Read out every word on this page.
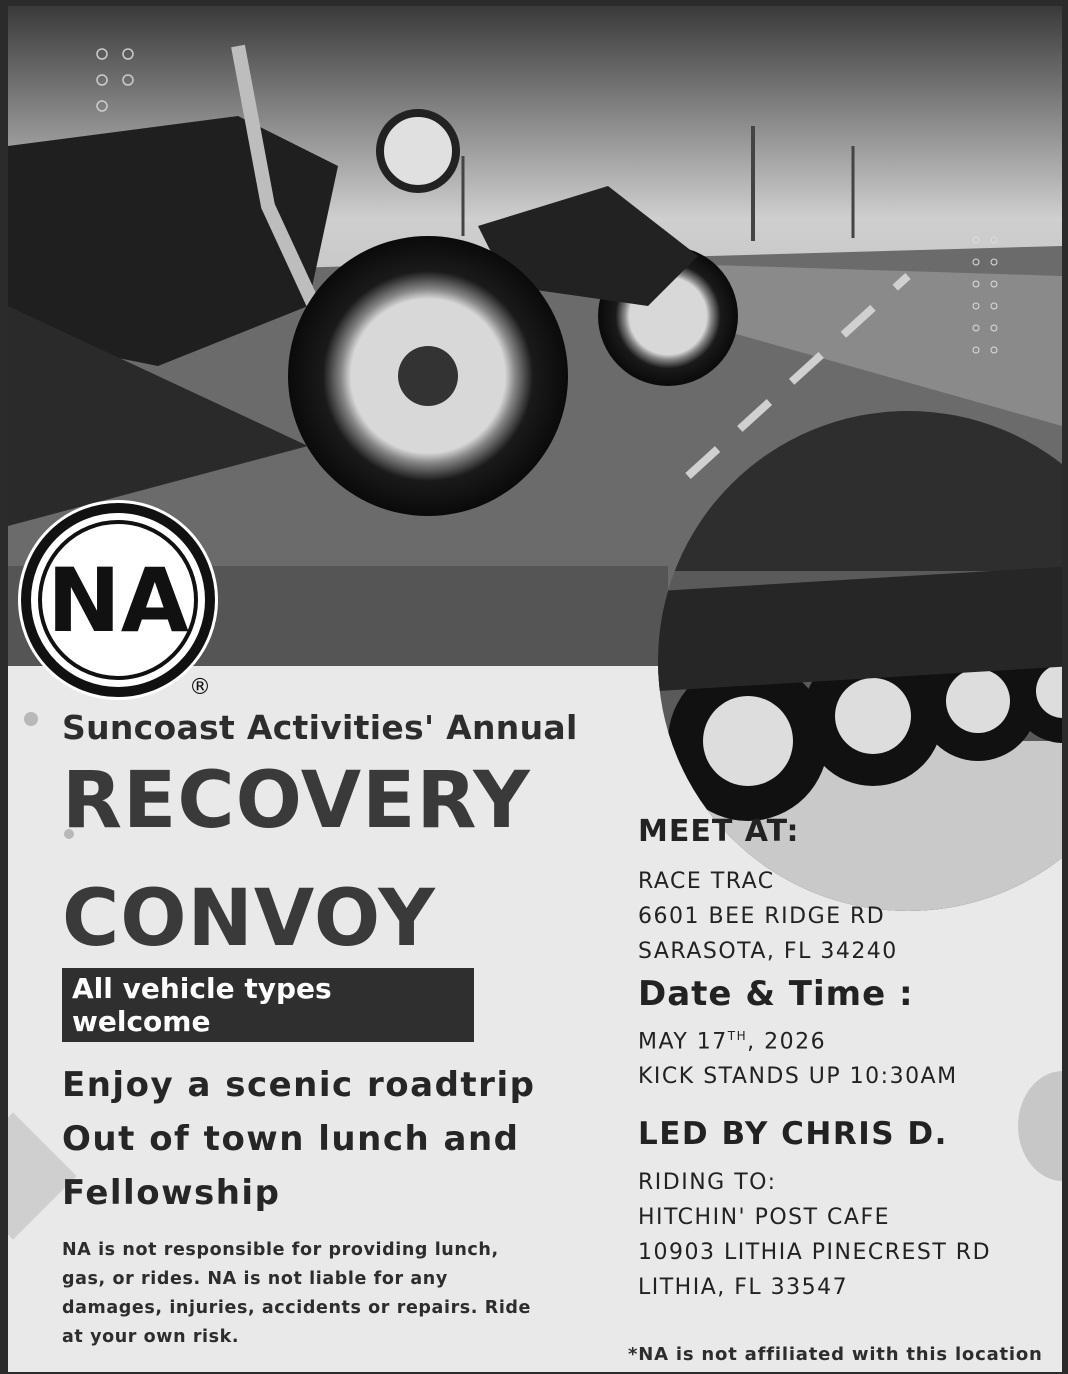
NA
®
Suncoast Activities' Annual
RECOVERY
CONVOY
All vehicle types welcome
Enjoy a scenic roadtrip
Out of town lunch and
Fellowship
NA is not responsible for providing lunch, gas, or rides. NA is not liable for any damages, injuries, accidents or repairs. Ride at your own risk.
MEET AT:
RACE TRAC
6601 BEE RIDGE RD
SARASOTA, FL 34240
Date & Time :
MAY 17TH, 2026
KICK STANDS UP 10:30AM
LED BY CHRIS D.
RIDING TO:
HITCHIN' POST CAFE
10903 LITHIA PINECREST RD
LITHIA, FL 33547
*NA is not affiliated with this location
